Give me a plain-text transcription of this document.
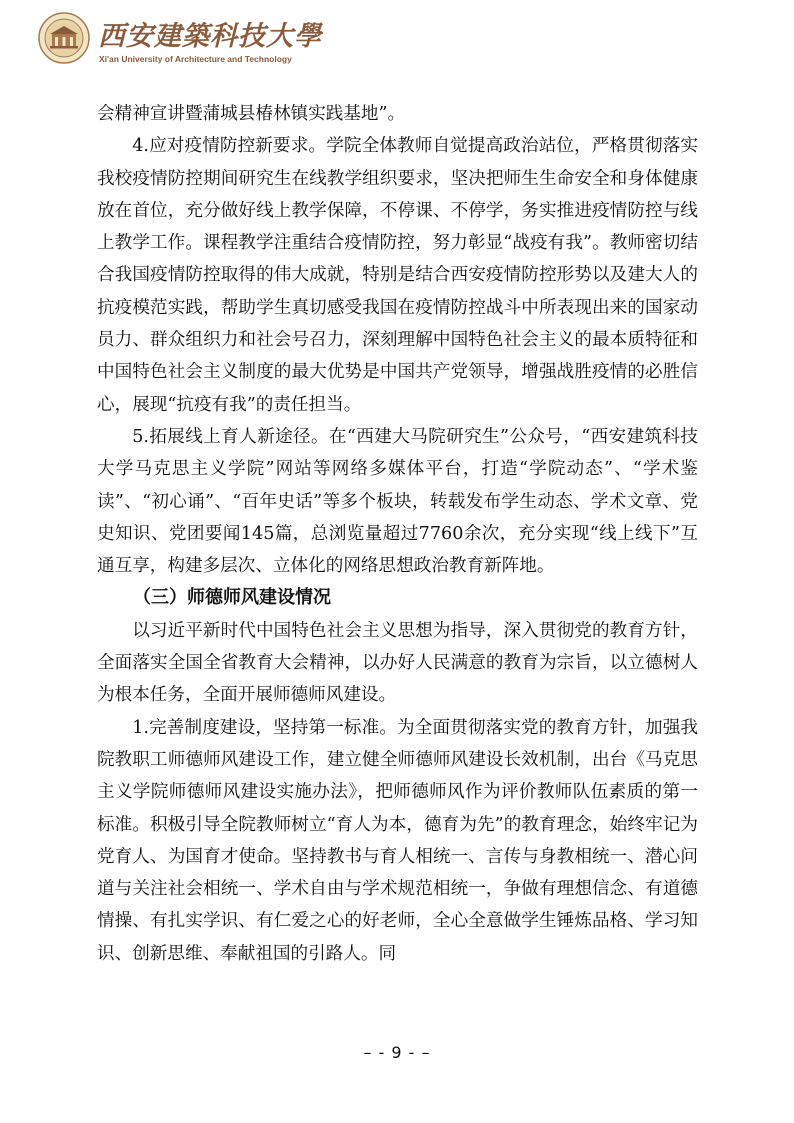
西安建築科技大學
Xi'an University of Architecture and Technology

会精神宣讲暨蒲城县椿林镇实践基地”。

4.应对疫情防控新要求。学院全体教师自觉提高政治站位，严格贯彻落实我校疫情防控期间研究生在线教学组织要求，坚决把师生生命安全和身体健康放在首位，充分做好线上教学保障，不停课、不停学，务实推进疫情防控与线上教学工作。课程教学注重结合疫情防控，努力彰显“战疫有我”。教师密切结合我国疫情防控取得的伟大成就，特别是结合西安疫情防控形势以及建大人的抗疫模范实践，帮助学生真切感受我国在疫情防控战斗中所表现出来的国家动员力、群众组织力和社会号召力，深刻理解中国特色社会主义的最本质特征和中国特色社会主义制度的最大优势是中国共产党领导，增强战胜疫情的必胜信心，展现“抗疫有我”的责任担当。

5.拓展线上育人新途径。在“西建大马院研究生”公众号，“西安建筑科技大学马克思主义学院”网站等网络多媒体平台，打造“学院动态”、“学术鉴读”、“初心诵”、“百年史话”等多个板块，转载发布学生动态、学术文章、党史知识、党团要闻145篇，总浏览量超过7760余次，充分实现“线上线下”互通互享，构建多层次、立体化的网络思想政治教育新阵地。

（三）师德师风建设情况

以习近平新时代中国特色社会主义思想为指导，深入贯彻党的教育方针，全面落实全国全省教育大会精神，以办好人民满意的教育为宗旨，以立德树人为根本任务，全面开展师德师风建设。

1.完善制度建设，坚持第一标准。为全面贯彻落实党的教育方针，加强我院教职工师德师风建设工作，建立健全师德师风建设长效机制，出台《马克思主义学院师德师风建设实施办法》，把师德师风作为评价教师队伍素质的第一标准。积极引导全院教师树立“育人为本，德育为先”的教育理念，始终牢记为党育人、为国育才使命。坚持教书与育人相统一、言传与身教相统一、潜心问道与关注社会相统一、学术自由与学术规范相统一，争做有理想信念、有道德情操、有扎实学识、有仁爱之心的好老师，全心全意做学生锤炼品格、学习知识、创新思维、奉献祖国的引路人。同

– - 9 - –
